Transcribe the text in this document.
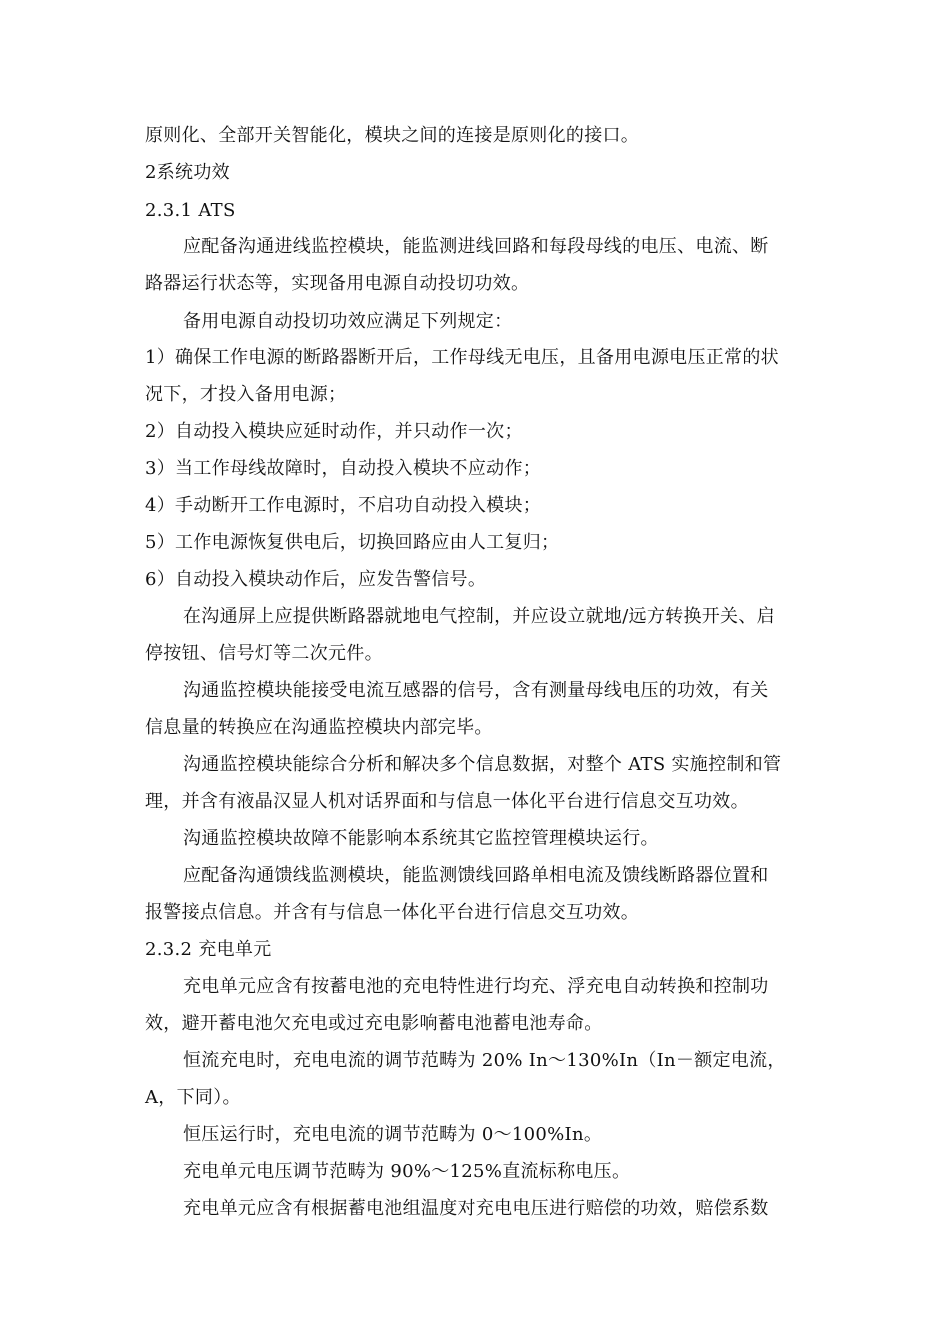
原则化、全部开关智能化，模块之间的连接是原则化的接口。
2系统功效
2.3.1 ATS
应配备沟通进线监控模块，能监测进线回路和每段母线的电压、电流、断
路器运行状态等，实现备用电源自动投切功效。
备用电源自动投切功效应满足下列规定：
1）确保工作电源的断路器断开后，工作母线无电压，且备用电源电压正常的状
况下，才投入备用电源；
2）自动投入模块应延时动作，并只动作一次；
3）当工作母线故障时，自动投入模块不应动作；
4）手动断开工作电源时，不启功自动投入模块；
5）工作电源恢复供电后，切换回路应由人工复归；
6）自动投入模块动作后，应发告警信号。
在沟通屏上应提供断路器就地电气控制，并应设立就地/远方转换开关、启
停按钮、信号灯等二次元件。
沟通监控模块能接受电流互感器的信号，含有测量母线电压的功效，有关
信息量的转换应在沟通监控模块内部完毕。
沟通监控模块能综合分析和解决多个信息数据，对整个 ATS 实施控制和管
理，并含有液晶汉显人机对话界面和与信息一体化平台进行信息交互功效。
沟通监控模块故障不能影响本系统其它监控管理模块运行。
应配备沟通馈线监测模块，能监测馈线回路单相电流及馈线断路器位置和
报警接点信息。并含有与信息一体化平台进行信息交互功效。
2.3.2 充电单元
充电单元应含有按蓄电池的充电特性进行均充、浮充电自动转换和控制功
效，避开蓄电池欠充电或过充电影响蓄电池蓄电池寿命。
恒流充电时，充电电流的调节范畴为 20% In～130%In（In－额定电流，
A，下同）。
恒压运行时，充电电流的调节范畴为 0～100%In。
充电单元电压调节范畴为 90%～125%直流标称电压。
充电单元应含有根据蓄电池组温度对充电电压进行赔偿的功效，赔偿系数
